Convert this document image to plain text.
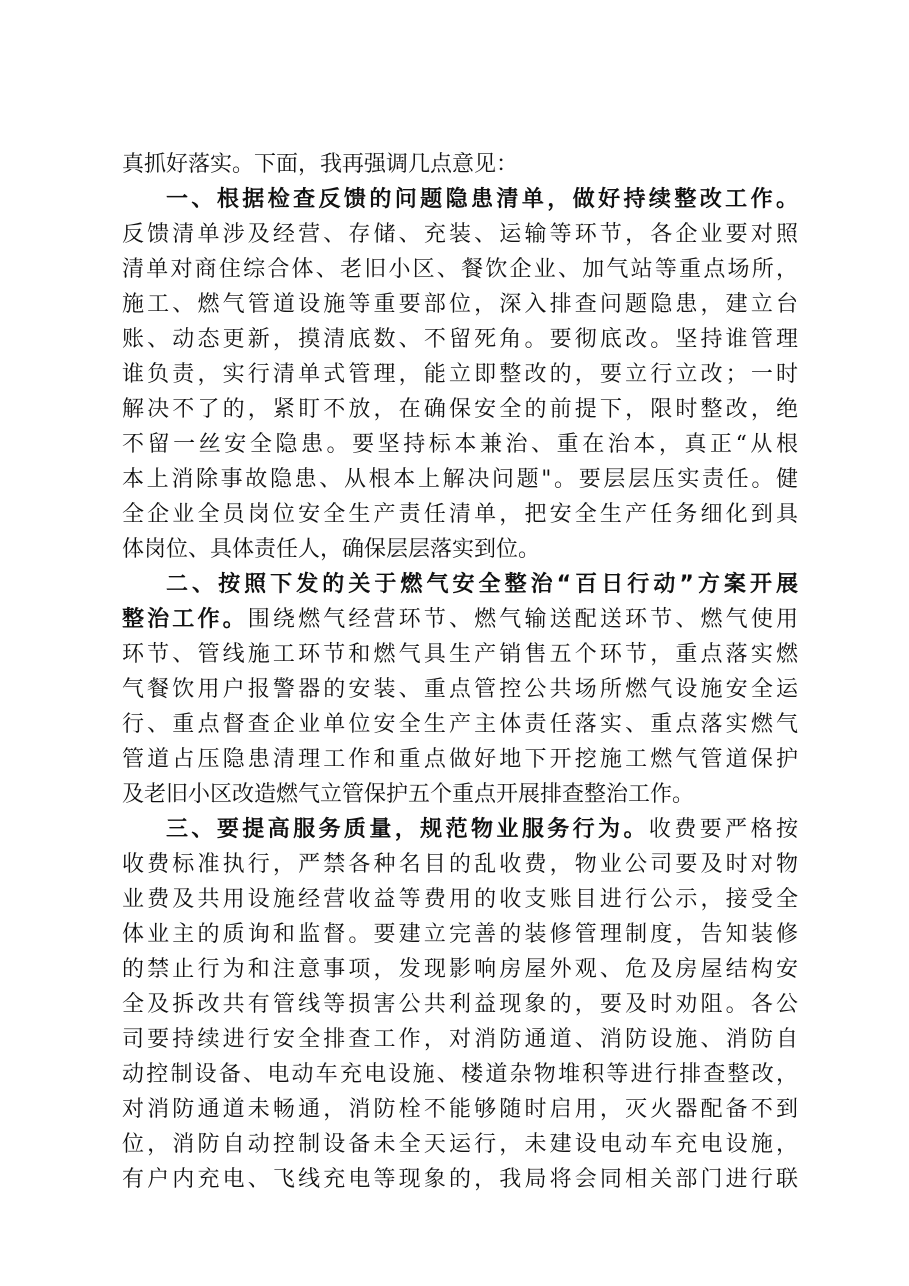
真抓好落实。下面，我再强调几点意见：
一、根据检查反馈的问题隐患清单，做好持续整改工作。
反馈清单涉及经营、存储、充装、运输等环节，各企业要对照
清单对商住综合体、老旧小区、餐饮企业、加气站等重点场所，
施工、燃气管道设施等重要部位，深入排查问题隐患，建立台
账、动态更新，摸清底数、不留死角。要彻底改。坚持谁管理
谁负责，实行清单式管理，能立即整改的，要立行立改；一时
解决不了的，紧盯不放，在确保安全的前提下，限时整改，绝
不留一丝安全隐患。要坚持标本兼治、重在治本，真正“从根
本上消除事故隐患、从根本上解决问题"。要层层压实责任。健
全企业全员岗位安全生产责任清单，把安全生产任务细化到具
体岗位、具体责任人，确保层层落实到位。
二、按照下发的关于燃气安全整治“百日行动”方案开展
整治工作。围绕燃气经营环节、燃气输送配送环节、燃气使用
环节、管线施工环节和燃气具生产销售五个环节，重点落实燃
气餐饮用户报警器的安装、重点管控公共场所燃气设施安全运
行、重点督查企业单位安全生产主体责任落实、重点落实燃气
管道占压隐患清理工作和重点做好地下开挖施工燃气管道保护
及老旧小区改造燃气立管保护五个重点开展排查整治工作。
三、要提高服务质量，规范物业服务行为。收费要严格按
收费标准执行，严禁各种名目的乱收费，物业公司要及时对物
业费及共用设施经营收益等费用的收支账目进行公示，接受全
体业主的质询和监督。要建立完善的装修管理制度，告知装修
的禁止行为和注意事项，发现影响房屋外观、危及房屋结构安
全及拆改共有管线等损害公共利益现象的，要及时劝阻。各公
司要持续进行安全排查工作，对消防通道、消防设施、消防自
动控制设备、电动车充电设施、楼道杂物堆积等进行排查整改，
对消防通道未畅通，消防栓不能够随时启用，灭火器配备不到
位，消防自动控制设备未全天运行，未建设电动车充电设施，
有户内充电、飞线充电等现象的，我局将会同相关部门进行联
